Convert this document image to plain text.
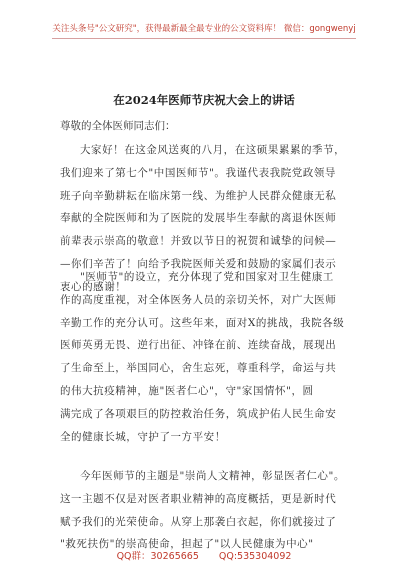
关注头条号"公文研究"，获得最新最全最专业的公文资料库！ 微信：gongwenyj
在2024年医师节庆祝大会上的讲话
尊敬的全体医师同志们：
大家好！在这金风送爽的八月，在这硕果累累的季节，
我们迎来了第七个"中国医师节"。我谨代表我院党政领导
班子向辛勤耕耘在临床第一线、为维护人民群众健康无私
奉献的全院医师和为了医院的发展毕生奉献的离退休医师
前辈表示崇高的敬意！并致以节日的祝贺和诚挚的问候—
—你们辛苦了！向给予我院医师关爱和鼓励的家属们表示
衷心的感谢！
"医师节"的设立，充分体现了党和国家对卫生健康工
作的高度重视，对全体医务人员的亲切关怀，对广大医师
辛勤工作的充分认可。这些年来，面对X的挑战，我院各级
医师英勇无畏、逆行出征、冲锋在前、连续奋战，展现出
了生命至上，举国同心，舍生忘死，尊重科学，命运与共
的伟大抗疫精神，施"医者仁心"，守"家国情怀"，圆
满完成了各项艰巨的防控救治任务，筑成护佑人民生命安
全的健康长城，守护了一方平安！
今年医师节的主题是"崇尚人文精神，彰显医者仁心"。
这一主题不仅是对医者职业精神的高度概括，更是新时代
赋予我们的光荣使命。从穿上那袭白衣起，你们就接过了
"救死扶伤"的崇高使命，担起了"以人民健康为中心"
QQ群：30265665 QQ:535304092
